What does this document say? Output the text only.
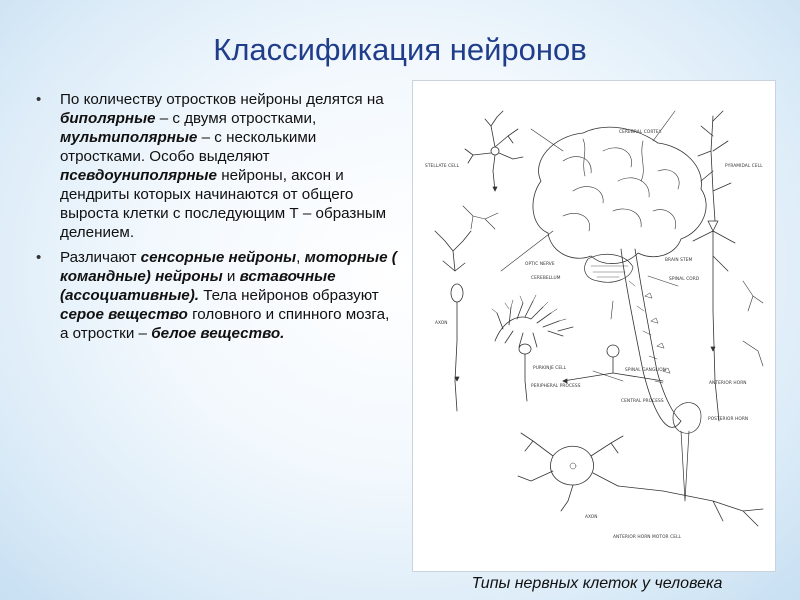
Классификация нейронов
• По количеству отростков нейроны делятся на биполярные – с двумя отростками, мультиполярные – с несколькими отростками. Особо выделяют псевдоуниполярные нейроны, аксон и дендриты которых начинаются от общего выроста клетки с последующим Т – образным делением.
• Различают сенсорные нейроны, моторные ( командные) нейроны и вставочные (ассоциативные). Тела нейронов образуют серое вещество головного и спинного мозга, а отростки – белое вещество.
CEREBRAL CORTEX
STELLATE CELL	PYRAMIDAL CELL
OPTIC NERVE
CEREBELLUM
BRAIN STEM
SPINAL CORD
AXON
PURKINJE CELL	SPINAL GANGLION
PERIPHERAL PROCESS
CENTRAL PROCESS
ANTERIOR HORN
POSTERIOR HORN
AXON
ANTERIOR HORN MOTOR CELL
Типы нервных клеток у человека
